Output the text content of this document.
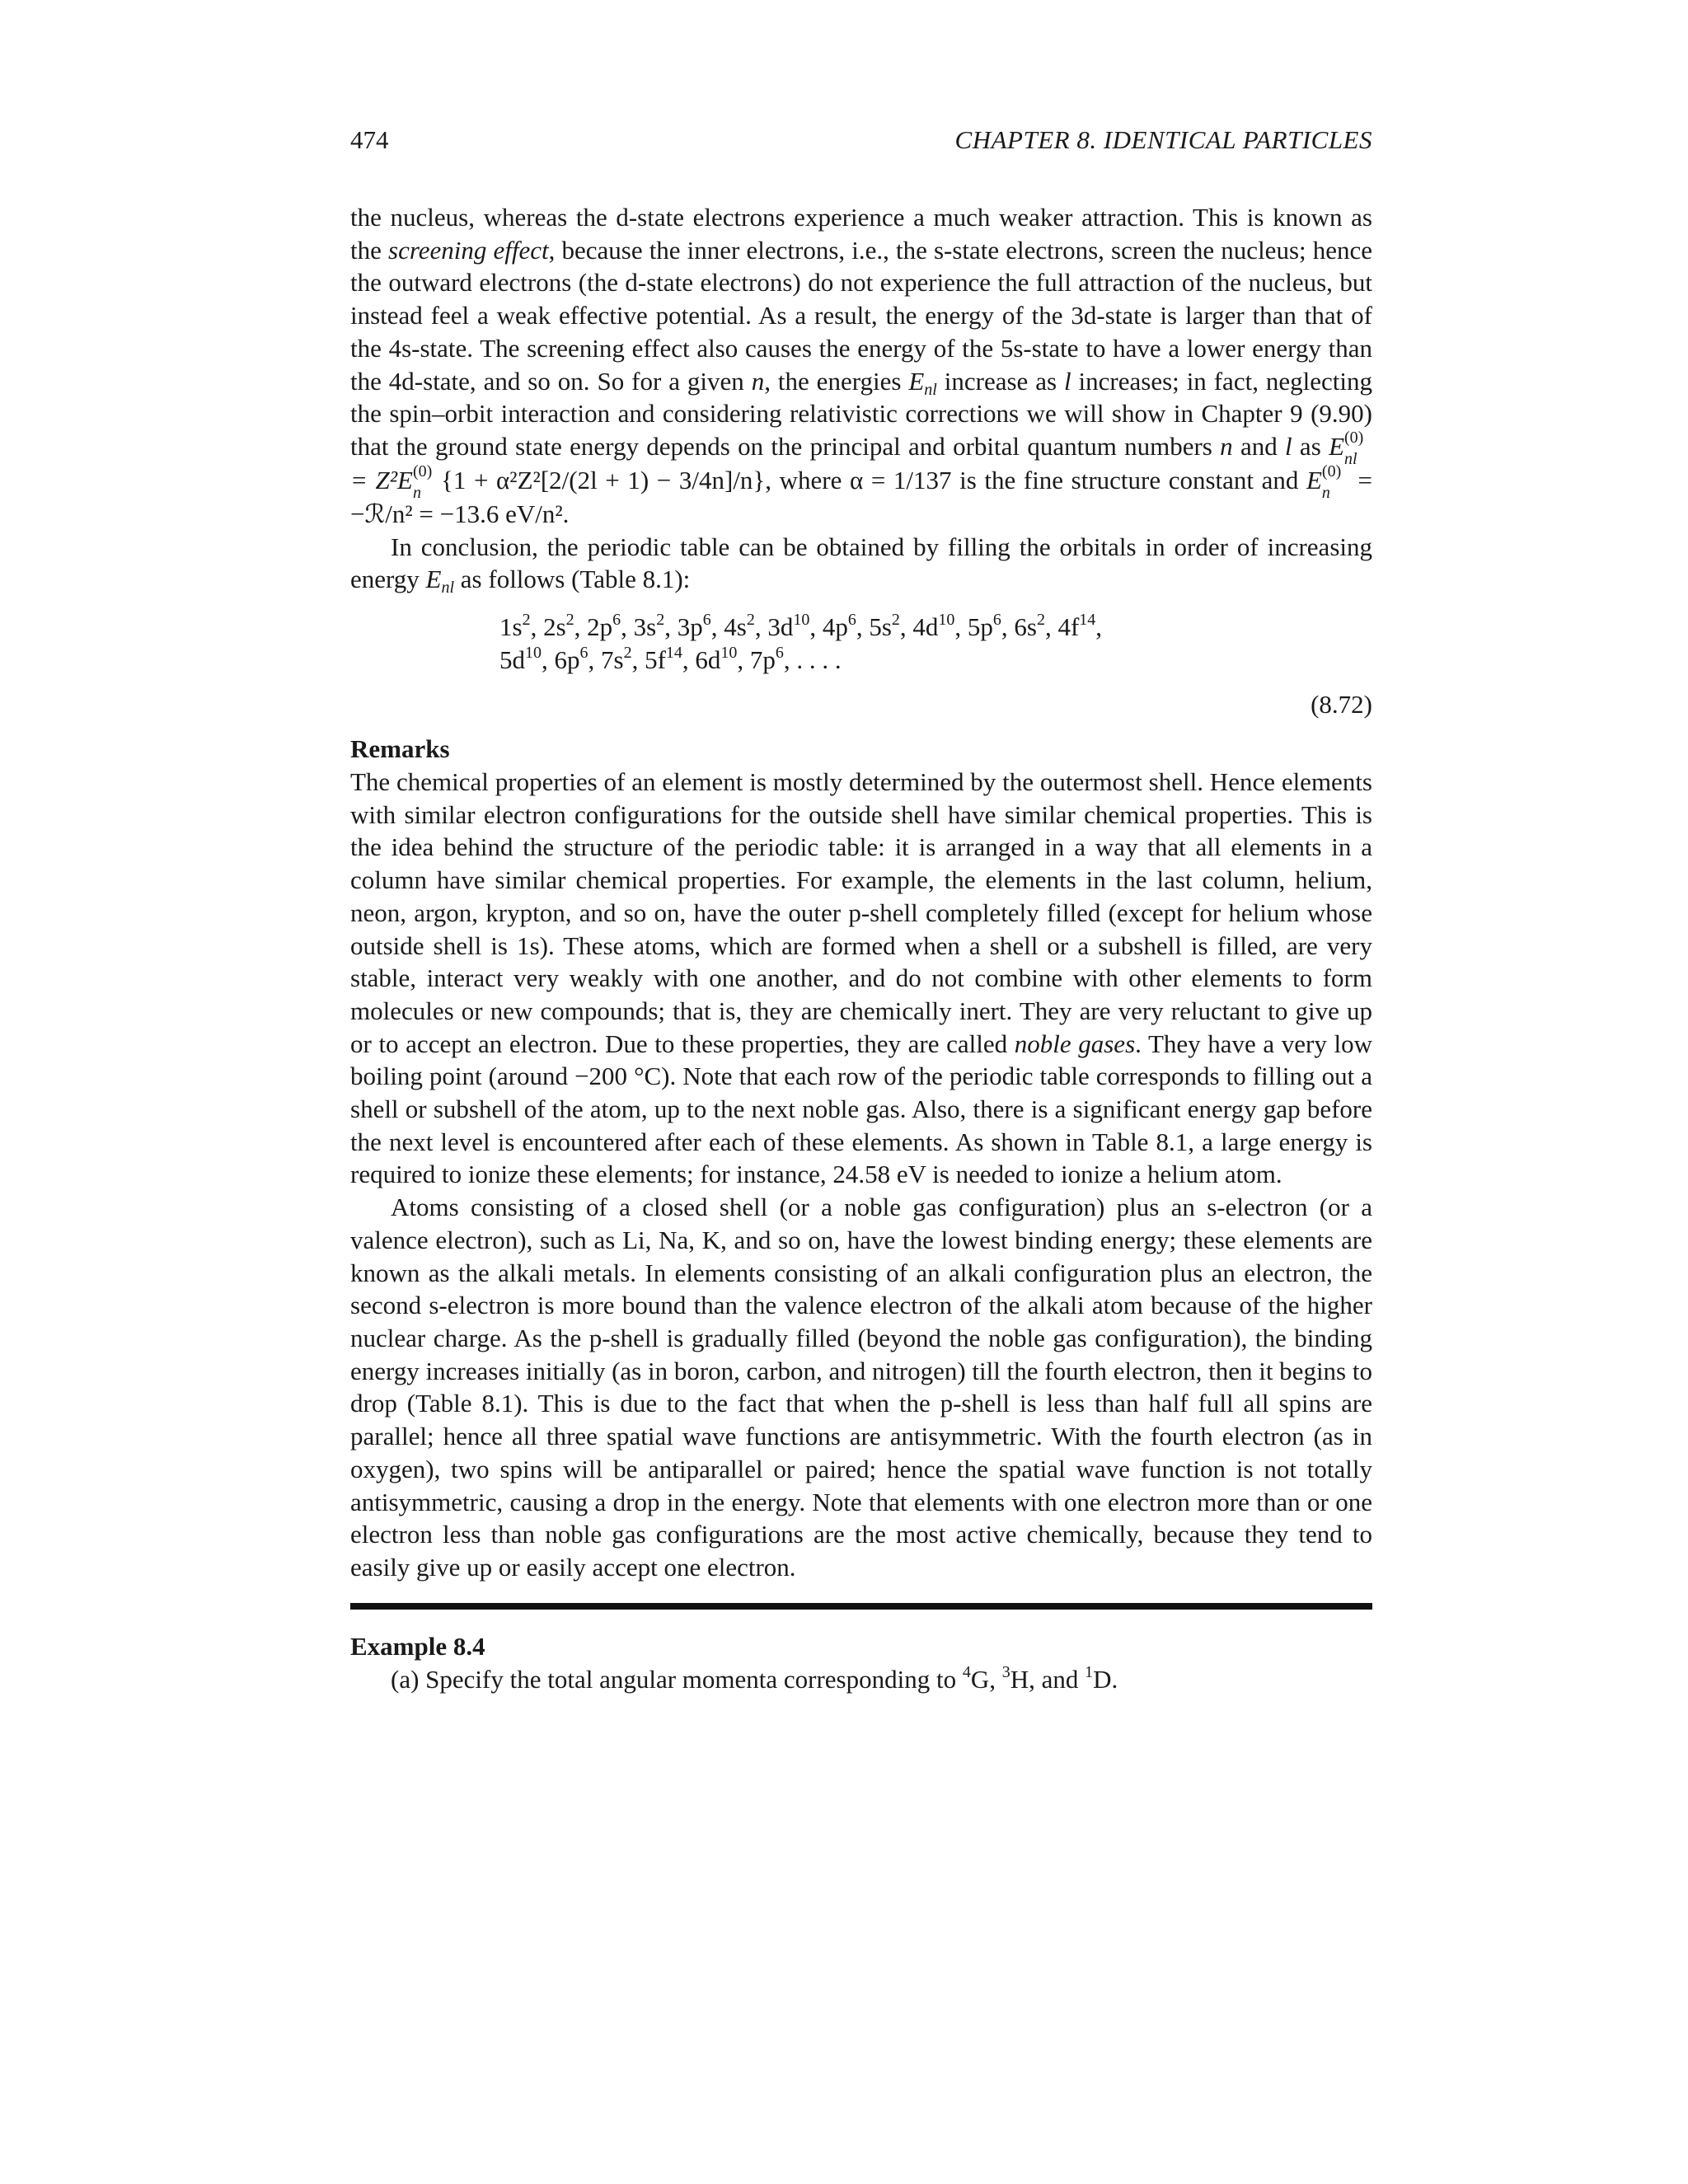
474	CHAPTER 8. IDENTICAL PARTICLES

the nucleus, whereas the d-state electrons experience a much weaker attraction. This is known as the screening effect, because the inner electrons, i.e., the s-state electrons, screen the nucleus; hence the outward electrons (the d-state electrons) do not experience the full attraction of the nucleus, but instead feel a weak effective potential. As a result, the energy of the 3d-state is larger than that of the 4s-state. The screening effect also causes the energy of the 5s-state to have a lower energy than the 4d-state, and so on. So for a given n, the energies $E_{nl}$ increase as l increases; in fact, neglecting the spin–orbit interaction and considering relativistic corrections we will show in Chapter 9 (9.90) that the ground state energy depends on the principal and orbital quantum numbers n and l as E (0)
nl
= Z²E (0)
n {1 + α²Z²[2/(2l + 1) − 3/4n]/n}, where α = 1/137 is the fine structure constant and E (0)
n = −ℛ/n² = −13.6 eV/n².

In conclusion, the periodic table can be obtained by filling the orbitals in order of increasing energy $E_{nl}$ as follows (Table 8.1):

$1s^2$, $2s^2$, $2p^6$, $3s^2$, $3p^6$, $4s^2$, $3d^{10}$, $4p^6$, $5s^2$, $4d^{10}$, $5p^6$, $6s^2$, $4f^{14}$,
$5d^{10}$, $6p^6$, $7s^2$, $5f^{14}$, $6d^{10}$, $7p^6$, . . . .
(8.72)
Remarks

The chemical properties of an element is mostly determined by the outermost shell. Hence elements with similar electron configurations for the outside shell have similar chemical properties. This is the idea behind the structure of the periodic table: it is arranged in a way that all elements in a column have similar chemical properties. For example, the elements in the last column, helium, neon, argon, krypton, and so on, have the outer p-shell completely filled (except for helium whose outside shell is 1s). These atoms, which are formed when a shell or a subshell is filled, are very stable, interact very weakly with one another, and do not combine with other elements to form molecules or new compounds; that is, they are chemically inert. They are very reluctant to give up or to accept an electron. Due to these properties, they are called noble gases. They have a very low boiling point (around −200 °C). Note that each row of the periodic table corresponds to filling out a shell or subshell of the atom, up to the next noble gas. Also, there is a significant energy gap before the next level is encountered after each of these elements. As shown in Table 8.1, a large energy is required to ionize these elements; for instance, 24.58 eV is needed to ionize a helium atom.

Atoms consisting of a closed shell (or a noble gas configuration) plus an s-electron (or a valence electron), such as Li, Na, K, and so on, have the lowest binding energy; these elements are known as the alkali metals. In elements consisting of an alkali configuration plus an electron, the second s-electron is more bound than the valence electron of the alkali atom because of the higher nuclear charge. As the p-shell is gradually filled (beyond the noble gas configuration), the binding energy increases initially (as in boron, carbon, and nitrogen) till the fourth electron, then it begins to drop (Table 8.1). This is due to the fact that when the p-shell is less than half full all spins are parallel; hence all three spatial wave functions are antisymmetric. With the fourth electron (as in oxygen), two spins will be antiparallel or paired; hence the spatial wave function is not totally antisymmetric, causing a drop in the energy. Note that elements with one electron more than or one electron less than noble gas configurations are the most active chemically, because they tend to easily give up or easily accept one electron.

Example 8.4
(a) Specify the total angular momenta corresponding to $^4$G, $^3$H, and $^1$D.
